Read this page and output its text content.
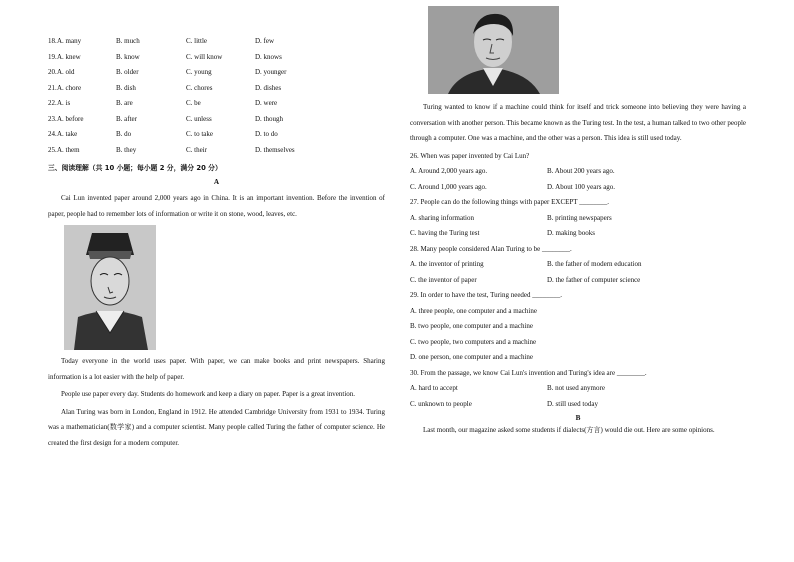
18. A. many	B. much	C. little	D. few
19. A. knew	B. know	C. will know	D. knows
20. A. old	B. older	C. young	D. younger
21. A. chore	B. dish	C. chores	D. dishes
22. A. is	B. are	C. be	D. were
23. A. before	B. after	C. unless	D. though
24. A. take	B. do	C. to take	D. to do
25. A. them	B. they	C. their	D. themselves
三、阅读理解（共 10 小题；每小题 2 分，满分 20 分）
A

Cai Lun invented paper around 2,000 years ago in China. It is an important invention. Before the invention of paper, people had to remember lots of information or write it on stone, wood, leaves, etc.

Today everyone in the world uses paper. With paper, we can make books and print newspapers. Sharing information is a lot easier with the help of paper.

People use paper every day. Students do homework and keep a diary on paper. Paper is a great invention.

Alan Turing was born in London, England in 1912. He attended Cambridge University from 1931 to 1934. Turing was a mathematician(数学家) and a computer scientist. Many people called Turing the father of computer science. He created the first design for a modern computer.

Turing wanted to know if a machine could think for itself and trick someone into believing they were having a conversation with another person. This became known as the Turing test. In the test, a human talked to two other people through a computer. One was a machine, and the other was a person. This idea is still used today.

26. When was paper invented by Cai Lun?

A. Around 2,000 years ago.	B. About 200 years ago.
C. Around 1,000 years ago.	D. About 100 years ago.

27. People can do the following things with paper EXCEPT ________.

A. sharing information	B. printing newspapers
C. having the Turing test	D. making books

28. Many people considered Alan Turing to be ________.

A. the inventor of printing	B. the father of modern education
C. the inventor of paper	D. the father of computer science

29. In order to have the test, Turing needed ________.

A. three people, one computer and a machine

B. two people, one computer and a machine

C. two people, two computers and a machine

D. one person, one computer and a machine

30. From the passage, we know Cai Lun's invention and Turing's idea are ________.

A. hard to accept	B. not used anymore
C. unknown to people	D. still used today
B

Last month, our magazine asked some students if dialects(方言) would die out. Here are some opinions.
